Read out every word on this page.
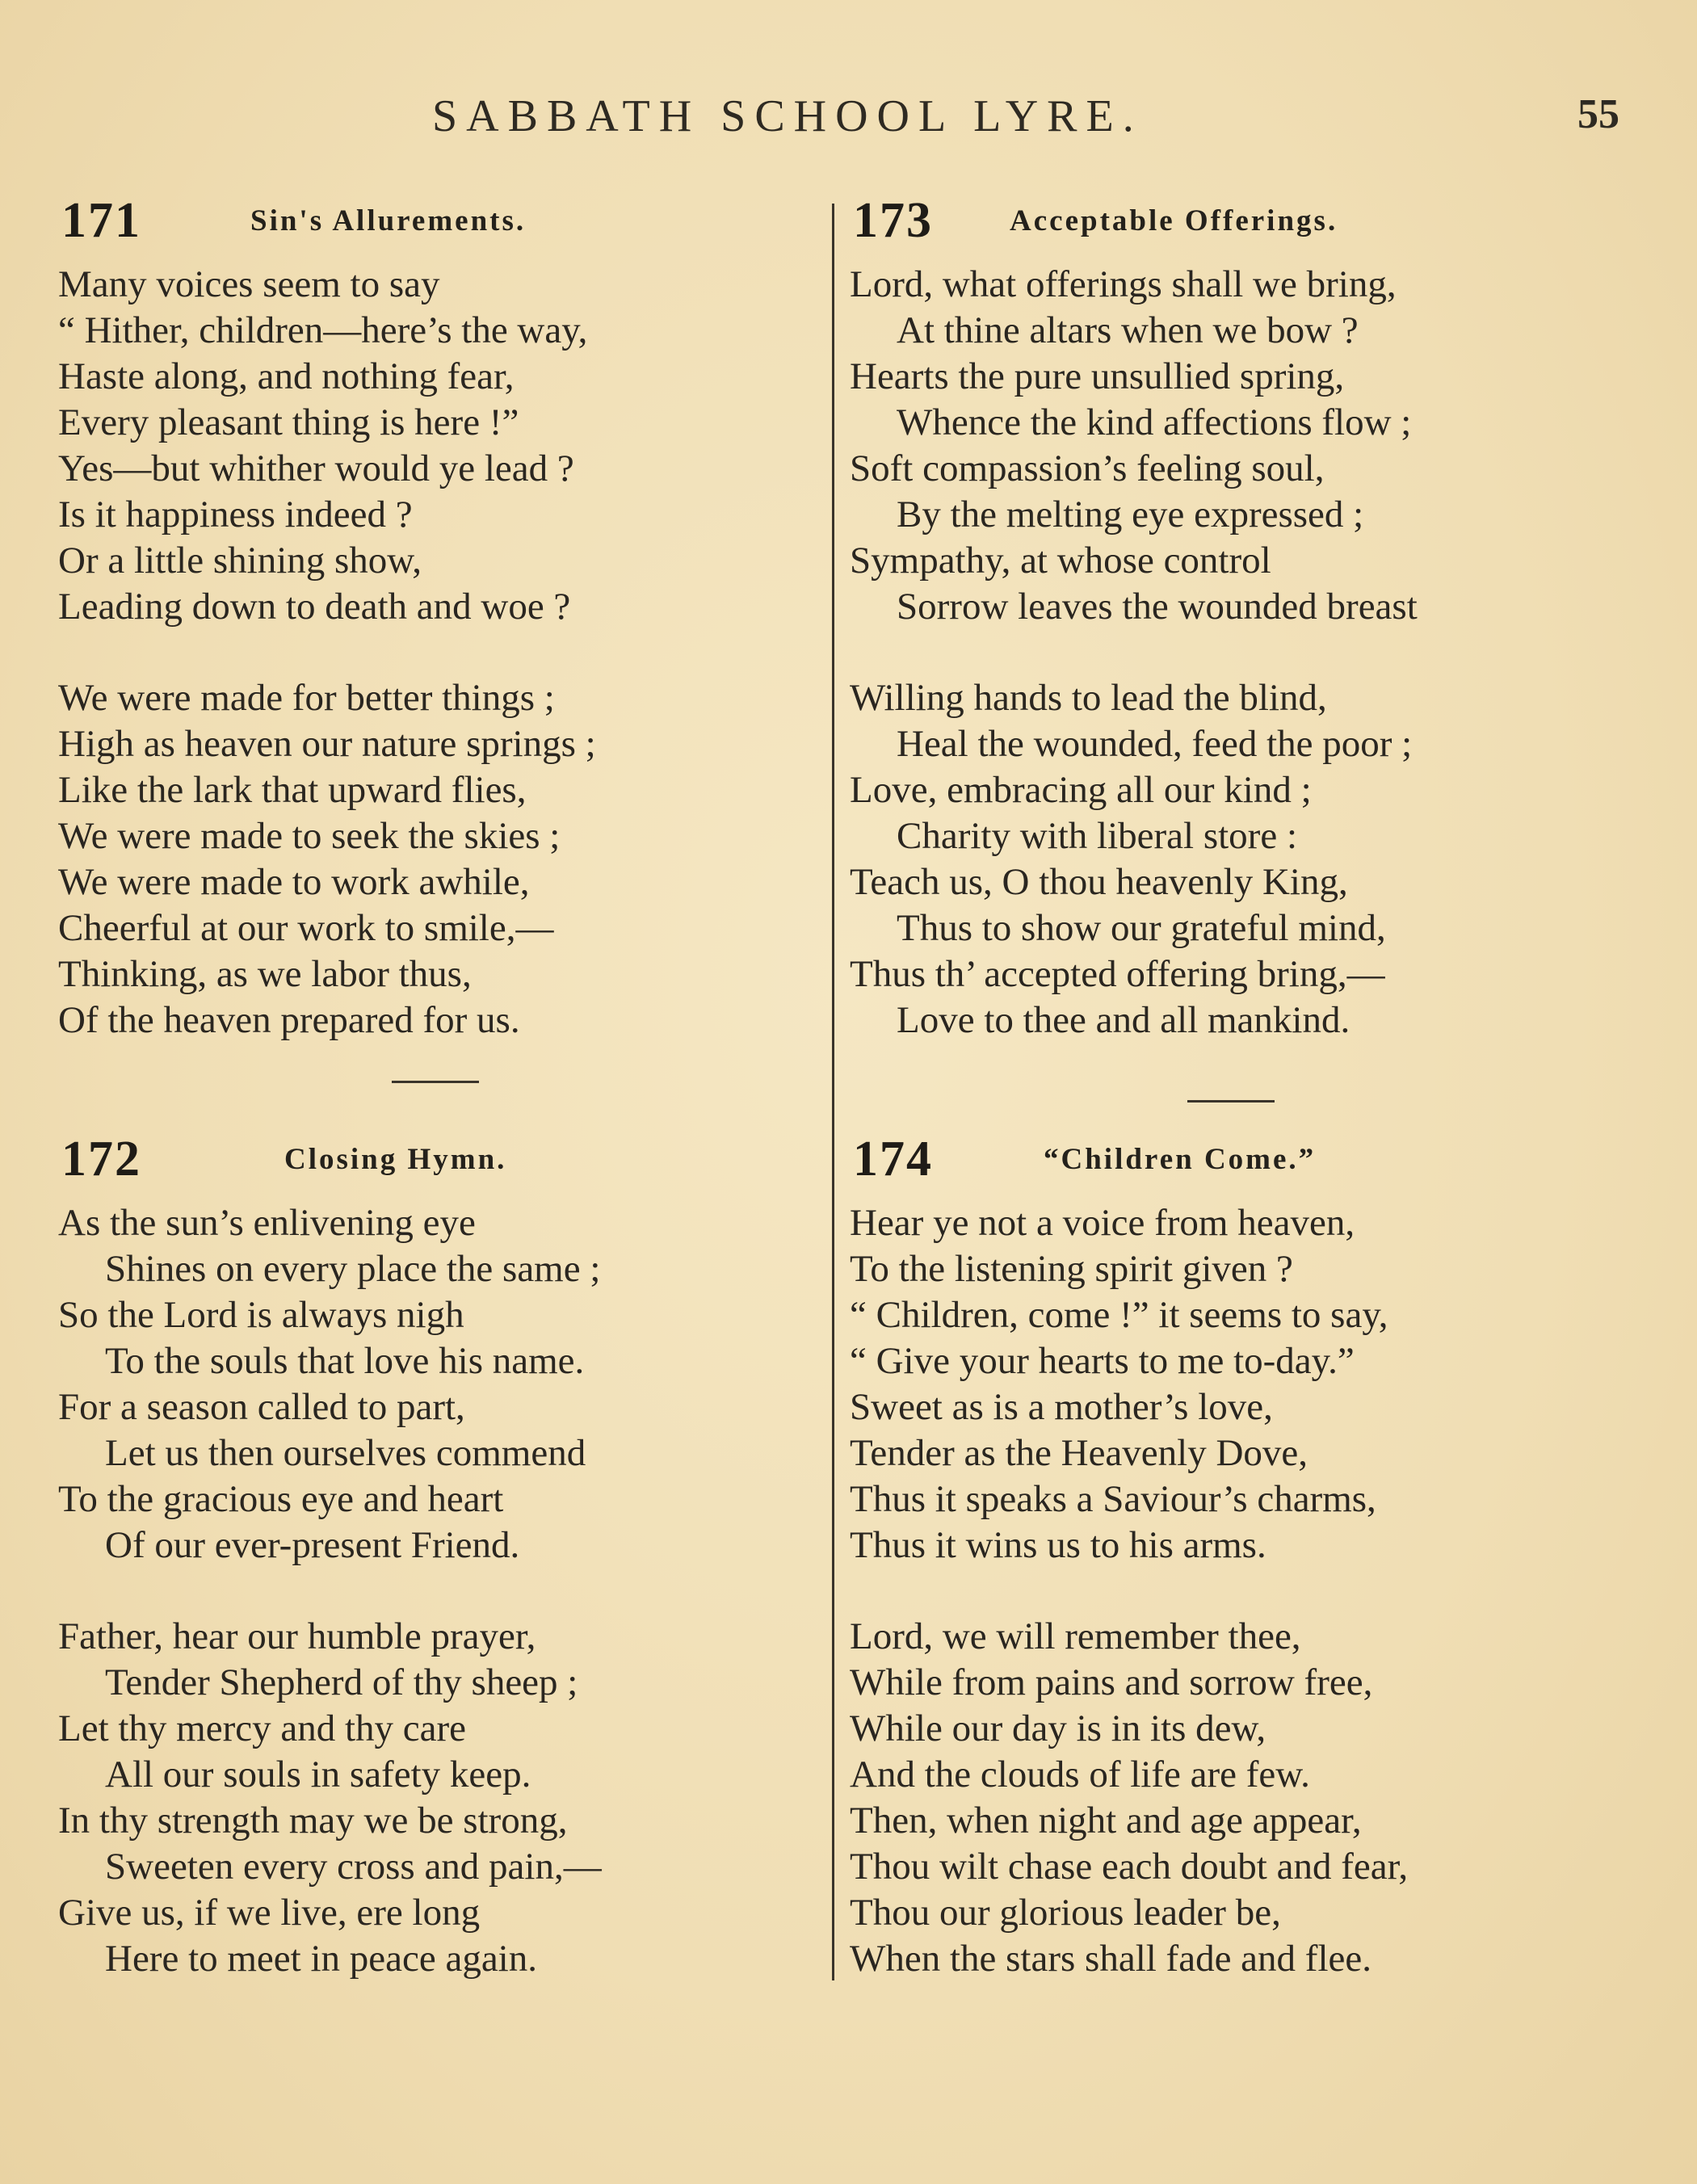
SABBATH SCHOOL LYRE.	55
171	Sin's Allurements.
Many voices seem to say
“ Hither, children—here’s the way,
Haste along, and nothing fear,
Every pleasant thing is here !”
Yes—but whither would ye lead ?
Is it happiness indeed ?
Or a little shining show,
Leading down to death and woe ?
We were made for better things ;
High as heaven our nature springs ;
Like the lark that upward flies,
We were made to seek the skies ;
We were made to work awhile,
Cheerful at our work to smile,—
Thinking, as we labor thus,
Of the heaven prepared for us.
172	Closing Hymn.
As the sun’s enlivening eye
Shines on every place the same ;
So the Lord is always nigh
To the souls that love his name.
For a season called to part,
Let us then ourselves commend
To the gracious eye and heart
Of our ever-present Friend.
Father, hear our humble prayer,
Tender Shepherd of thy sheep ;
Let thy mercy and thy care
All our souls in safety keep.
In thy strength may we be strong,
Sweeten every cross and pain,—
Give us, if we live, ere long
Here to meet in peace again.
173	Acceptable Offerings.
Lord, what offerings shall we bring,
At thine altars when we bow ?
Hearts the pure unsullied spring,
Whence the kind affections flow ;
Soft compassion’s feeling soul,
By the melting eye expressed ;
Sympathy, at whose control
Sorrow leaves the wounded breast
Willing hands to lead the blind,
Heal the wounded, feed the poor ;
Love, embracing all our kind ;
Charity with liberal store :
Teach us, O thou heavenly King,
Thus to show our grateful mind,
Thus th’ accepted offering bring,—
Love to thee and all mankind.
174	“Children Come.”
Hear ye not a voice from heaven,
To the listening spirit given ?
“ Children, come !” it seems to say,
“ Give your hearts to me to-day.”
Sweet as is a mother’s love,
Tender as the Heavenly Dove,
Thus it speaks a Saviour’s charms,
Thus it wins us to his arms.
Lord, we will remember thee,
While from pains and sorrow free,
While our day is in its dew,
And the clouds of life are few.
Then, when night and age appear,
Thou wilt chase each doubt and fear,
Thou our glorious leader be,
When the stars shall fade and flee.
